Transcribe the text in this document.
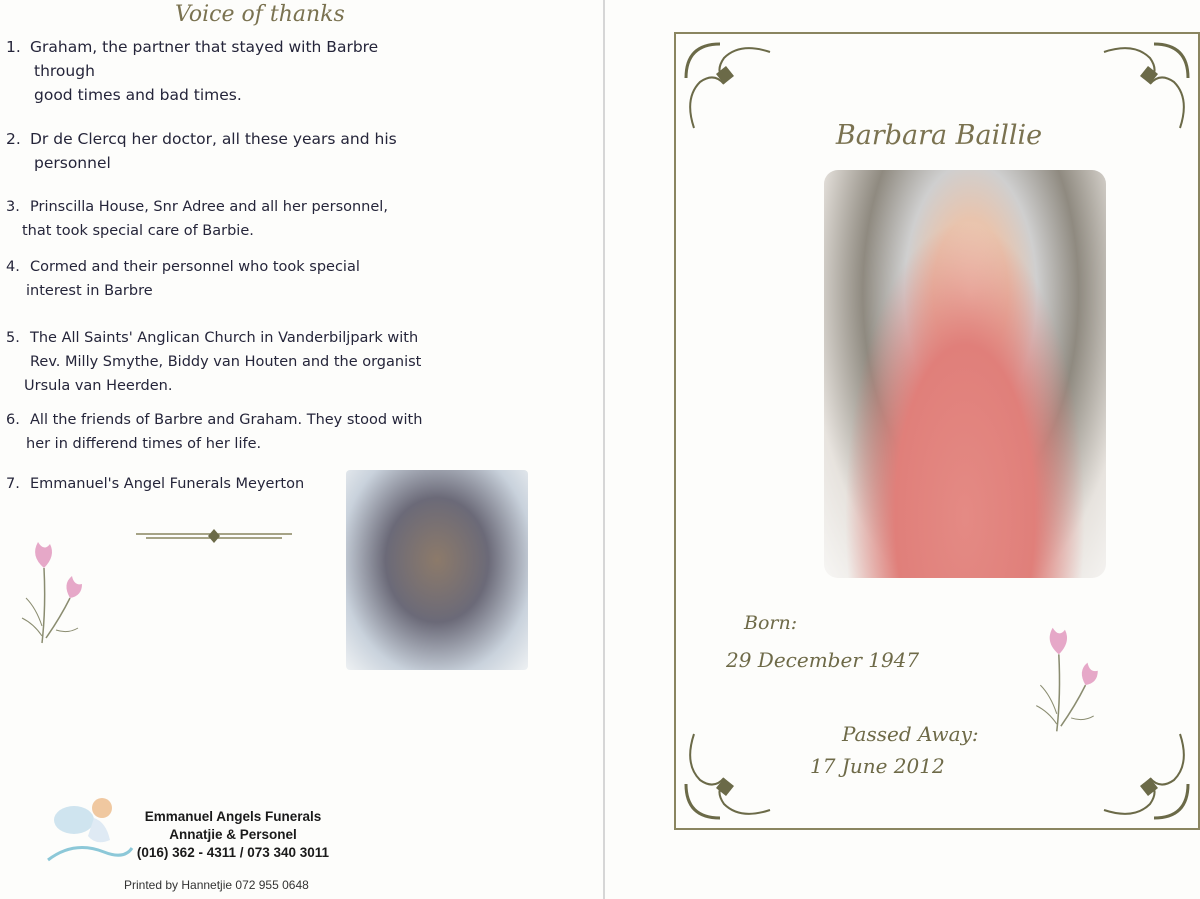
Voice of thanks
1. Graham, the partner that stayed with Barbre
through
good times and bad times.
2. Dr de Clercq her doctor, all these years and his
personnel
3. Prinscilla House, Snr Adree and all her personnel,
that took special care of Barbie.
4. Cormed and their personnel who took special
interest in Barbre
5. The All Saints' Anglican Church in Vanderbiljpark with
Rev. Milly Smythe, Biddy van Houten and the organist
Ursula van Heerden.
6. All the friends of Barbre and Graham. They stood with
her in differend times of her life.
7. Emmanuel's Angel Funerals Meyerton
Emmanuel Angels Funerals
Annatjie & Personel
(016) 362 - 4311 / 073 340 3011
Printed by Hannetjie 072 955 0648
Barbara Baillie
Born:
29 December 1947
Passed Away:
17 June 2012
